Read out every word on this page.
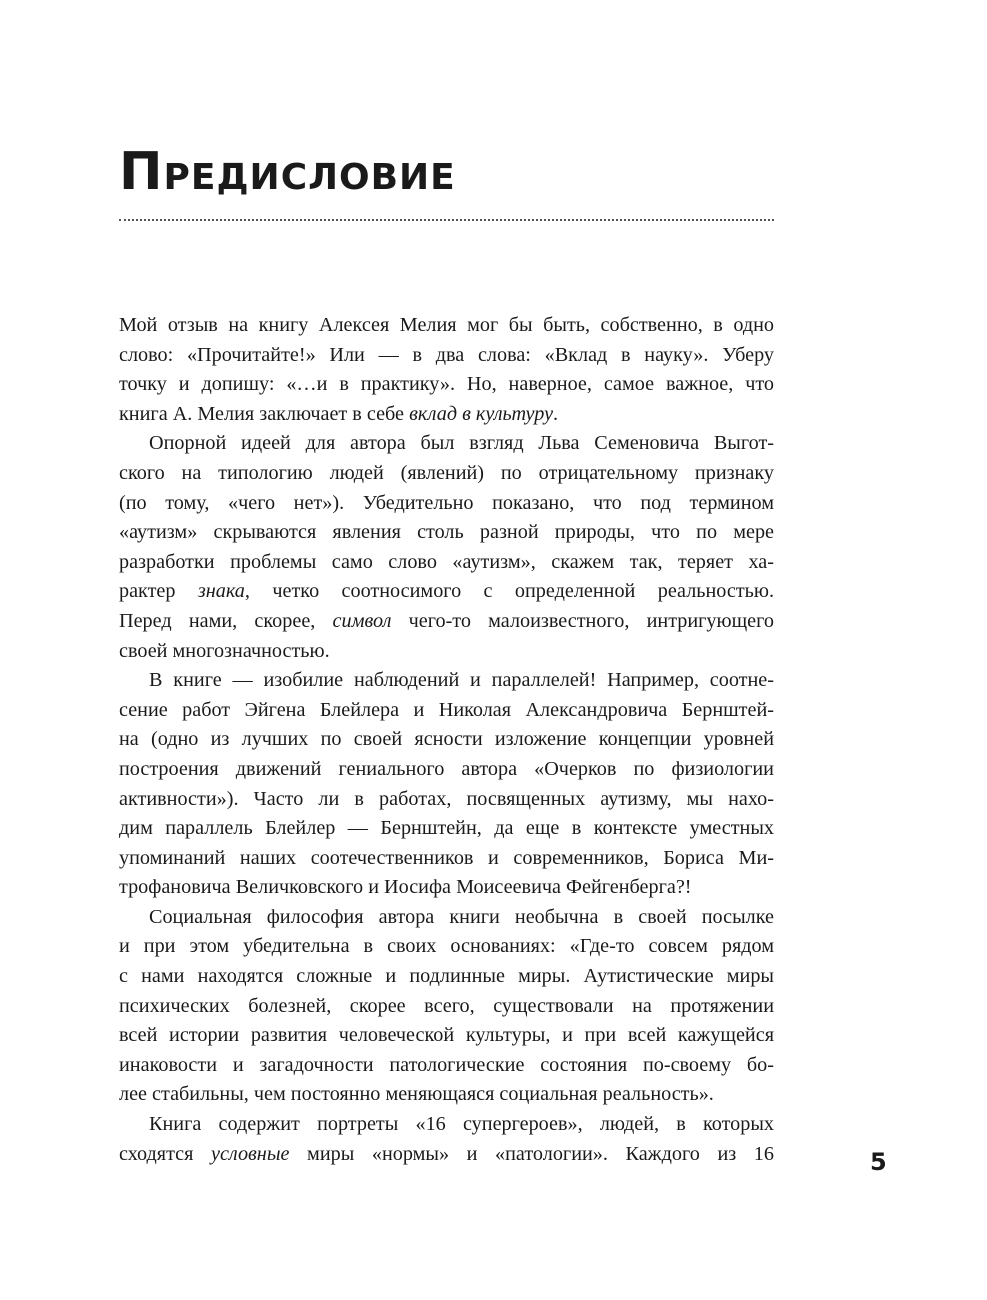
Предисловие
Мой отзыв на книгу Алексея Мелия мог бы быть, собственно, в одно
слово: «Прочитайте!» Или — в два слова: «Вклад в науку». Уберу
точку и допишу: «…и в практику». Но, наверное, самое важное, что
книга А. Мелия заключает в себе вклад в культуру.
Опорной идеей для автора был взгляд Льва Семеновича Выгот-
ского на типологию людей (явлений) по отрицательному признаку
(по тому, «чего нет»). Убедительно показано, что под термином
«аутизм» скрываются явления столь разной природы, что по мере
разработки проблемы само слово «аутизм», скажем так, теряет ха-
рактер знака, четко соотносимого с определенной реальностью.
Перед нами, скорее, символ чего-то малоизвестного, интригующего
своей многозначностью.
В книге — изобилие наблюдений и параллелей! Например, соотне-
сение работ Эйгена Блейлера и Николая Александровича Бернштей-
на (одно из лучших по своей ясности изложение концепции уровней
построения движений гениального автора «Очерков по физиологии
активности»). Часто ли в работах, посвященных аутизму, мы нахо-
дим параллель Блейлер — Бернштейн, да еще в контексте уместных
упоминаний наших соотечественников и современников, Бориса Ми-
трофановича Величковского и Иосифа Моисеевича Фейгенберга?!
Социальная философия автора книги необычна в своей посылке
и при этом убедительна в своих основаниях: «Где-то совсем рядом
с нами находятся сложные и подлинные миры. Аутистические миры
психических болезней, скорее всего, существовали на протяжении
всей истории развития человеческой культуры, и при всей кажущейся
инаковости и загадочности патологические состояния по-своему бо-
лее стабильны, чем постоянно меняющаяся социальная реальность».
Книга содержит портреты «16 супергероев», людей, в которых
сходятся условные миры «нормы» и «патологии». Каждого из 16	5
